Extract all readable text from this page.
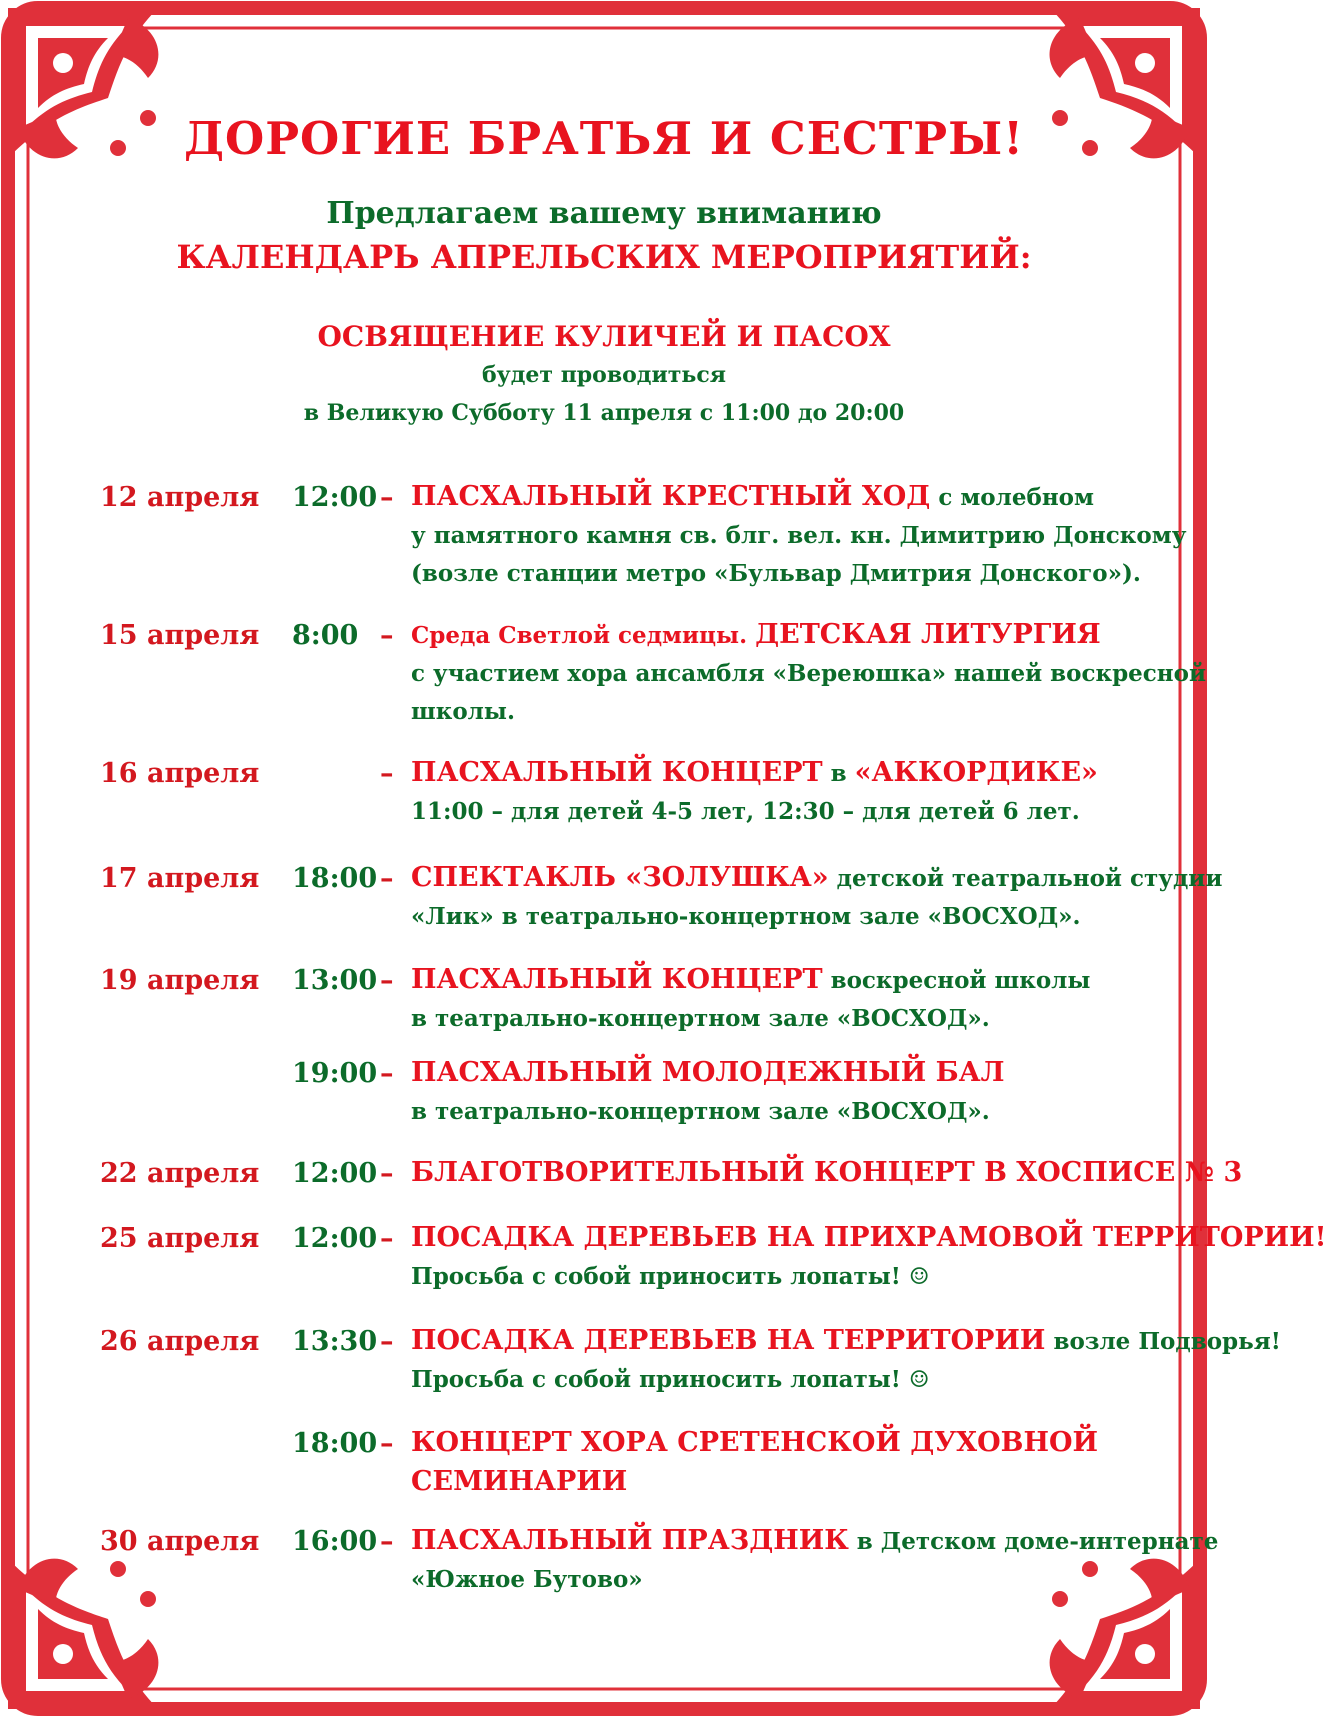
ДОРОГИЕ БРАТЬЯ И СЕСТРЫ!
Предлагаем вашему вниманию
КАЛЕНДАРЬ АПРЕЛЬСКИХ МЕРОПРИЯТИЙ:
ОСВЯЩЕНИЕ КУЛИЧЕЙ И ПАСОХ
будет проводиться
в Великую Субботу 11 апреля с 11:00 до 20:00
12 апреля 12:00 – ПАСХАЛЬНЫЙ КРЕСТНЫЙ ХОД с молебном
у памятного камня св. блг. вел. кн. Димитрию Донскому
(возле станции метро «Бульвар Дмитрия Донского»).
15 апреля 8:00 – Среда Светлой седмицы. ДЕТСКАЯ ЛИТУРГИЯ
с участием хора ансамбля «Вереюшка» нашей воскресной
школы.
16 апреля	– ПАСХАЛЬНЫЙ КОНЦЕРТ в «АККОРДИКЕ»
11:00 – для детей 4-5 лет, 12:30 – для детей 6 лет.
17 апреля 18:00 – СПЕКТАКЛЬ «ЗОЛУШКА» детской театральной студии
«Лик» в театрально-концертном зале «ВОСХОД».
19 апреля 13:00 – ПАСХАЛЬНЫЙ КОНЦЕРТ воскресной школы
в театрально-концертном зале «ВОСХОД».
19:00 – ПАСХАЛЬНЫЙ МОЛОДЕЖНЫЙ БАЛ
в театрально-концертном зале «ВОСХОД».
22 апреля 12:00 – БЛАГОТВОРИТЕЛЬНЫЙ КОНЦЕРТ В ХОСПИСЕ № 3
25 апреля 12:00 – ПОСАДКА ДЕРЕВЬЕВ НА ПРИХРАМОВОЙ ТЕРРИТОРИИ!
Просьба с собой приносить лопаты! ☺
26 апреля 13:30 – ПОСАДКА ДЕРЕВЬЕВ НА ТЕРРИТОРИИ возле Подворья!
Просьба с собой приносить лопаты! ☺
18:00 – КОНЦЕРТ ХОРА СРЕТЕНСКОЙ ДУХОВНОЙ
СЕМИНАРИИ
30 апреля 16:00 – ПАСХАЛЬНЫЙ ПРАЗДНИК в Детском доме-интернате
«Южное Бутово»
